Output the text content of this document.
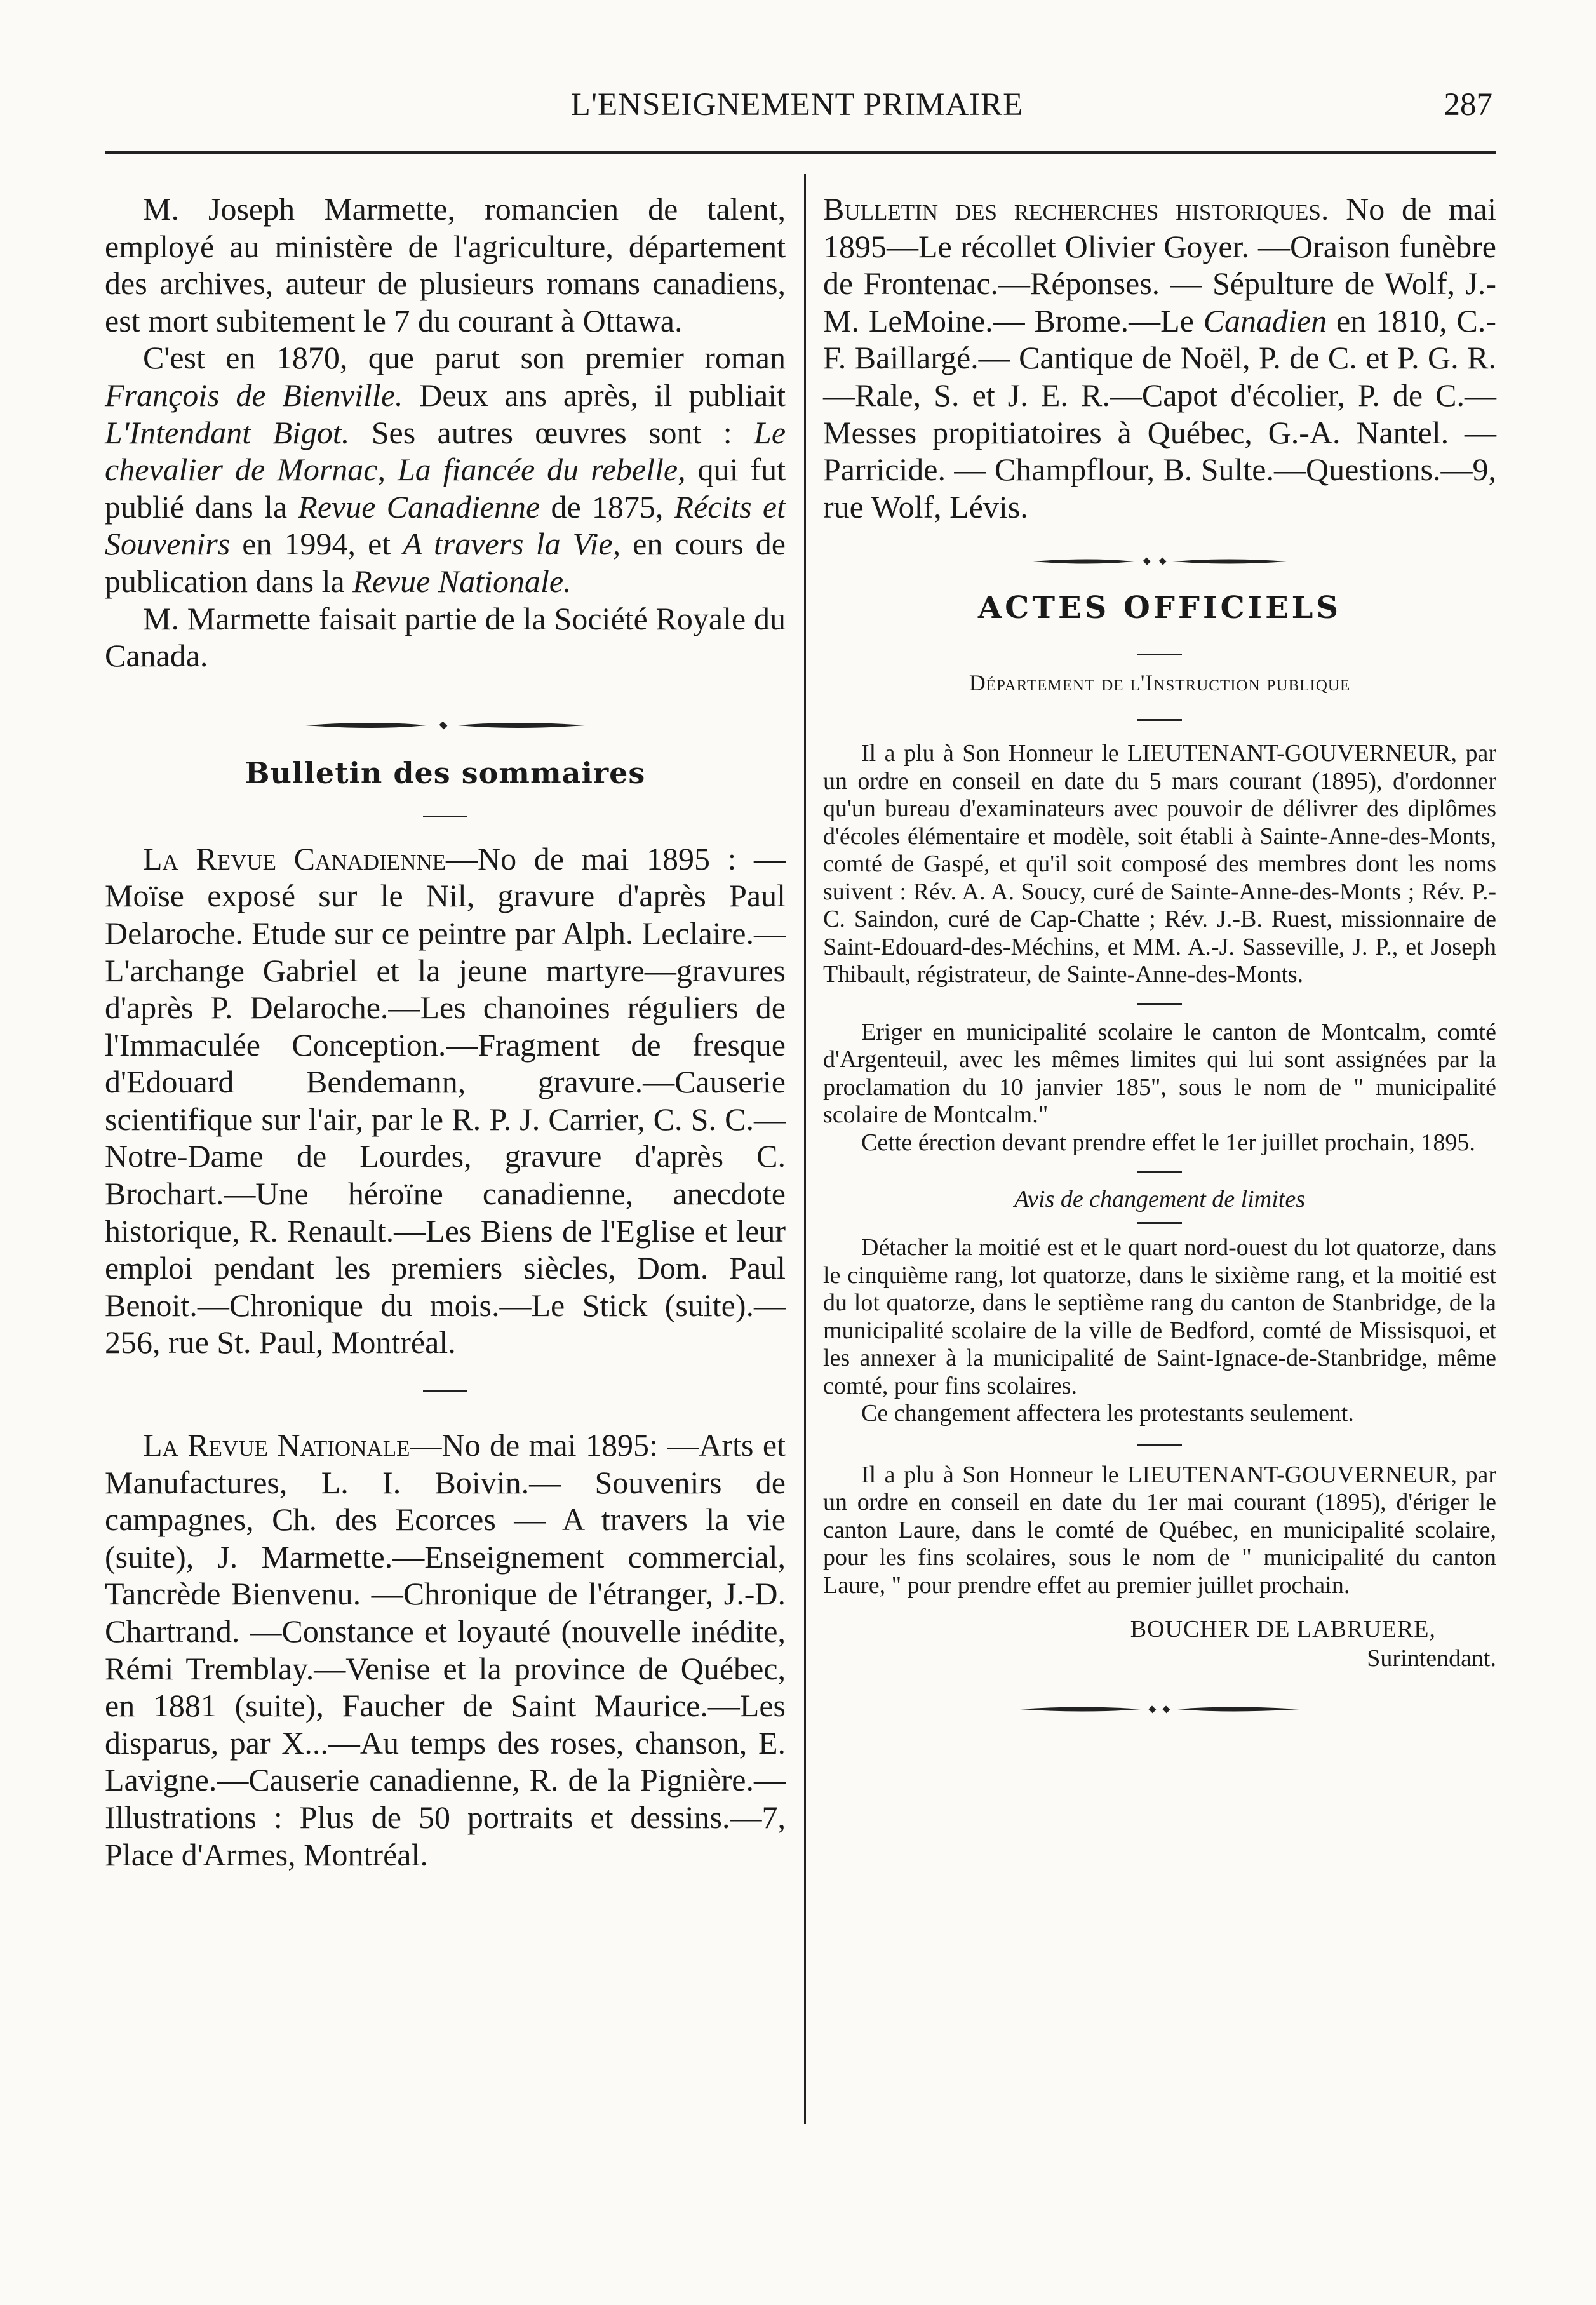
L'ENSEIGNEMENT PRIMAIRE	287

M. Joseph Marmette, romancien de talent, employé au ministère de l'agriculture, département des archives, auteur de plusieurs romans canadiens, est mort subitement le 7 du courant à Ottawa.

C'est en 1870, que parut son premier roman François de Bienville. Deux ans après, il publiait L'Intendant Bigot. Ses autres œuvres sont : Le chevalier de Mornac, La fiancée du rebelle, qui fut publié dans la Revue Canadienne de 1875, Récits et Souvenirs en 1994, et A travers la Vie, en cours de publication dans la Revue Nationale.

M. Marmette faisait partie de la Société Royale du Canada.

Bulletin des sommaires

La Revue Canadienne—No de mai 1895 : —Moïse exposé sur le Nil, gravure d'après Paul Delaroche. Etude sur ce peintre par Alph. Leclaire.—L'archange Gabriel et la jeune martyre—gravures d'après P. Delaroche.—Les chanoines réguliers de l'Immaculée Conception.—Fragment de fresque d'Edouard Bendemann, gravure.—Causerie scientifique sur l'air, par le R. P. J. Carrier, C. S. C.—Notre-Dame de Lourdes, gravure d'après C. Brochart.—Une héroïne canadienne, anecdote historique, R. Renault.—Les Biens de l'Eglise et leur emploi pendant les premiers siècles, Dom. Paul Benoit.—Chronique du mois.—Le Stick (suite).—256, rue St. Paul, Montréal.

La Revue Nationale—No de mai 1895: —Arts et Manufactures, L. I. Boivin.— Souvenirs de campagnes, Ch. des Ecorces — A travers la vie (suite), J. Marmette.—Enseignement commercial, Tancrède Bienvenu. —Chronique de l'étranger, J.-D. Chartrand. —Constance et loyauté (nouvelle inédite, Rémi Tremblay.—Venise et la province de Québec, en 1881 (suite), Faucher de Saint Maurice.—Les disparus, par X...—Au temps des roses, chanson, E. Lavigne.—Causerie canadienne, R. de la Pignière.—Illustrations : Plus de 50 portraits et dessins.—7, Place d'Armes, Montréal.

Bulletin des recherches historiques. No de mai 1895—Le récollet Olivier Goyer. —Oraison funèbre de Frontenac.—Réponses. — Sépulture de Wolf, J.-M. LeMoine.— Brome.—Le Canadien en 1810, C.-F. Baillargé.— Cantique de Noël, P. de C. et P. G. R.—Rale, S. et J. E. R.—Capot d'écolier, P. de C.—Messes propitiatoires à Québec, G.-A. Nantel. — Parricide. — Champflour, B. Sulte.—Questions.—9, rue Wolf, Lévis.

ACTES OFFICIELS
Département de l'Instruction publique

Il a plu à Son Honneur le LIEUTENANT-GOUVERNEUR, par un ordre en conseil en date du 5 mars courant (1895), d'ordonner qu'un bureau d'examinateurs avec pouvoir de délivrer des diplômes d'écoles élémentaire et modèle, soit établi à Sainte-Anne-des-Monts, comté de Gaspé, et qu'il soit composé des membres dont les noms suivent : Rév. A. A. Soucy, curé de Sainte-Anne-des-Monts ; Rév. P.-C. Saindon, curé de Cap-Chatte ; Rév. J.-B. Ruest, missionnaire de Saint-Edouard-des-Méchins, et MM. A.-J. Sasseville, J. P., et Joseph Thibault, régistrateur, de Sainte-Anne-des-Monts.

Eriger en municipalité scolaire le canton de Montcalm, comté d'Argenteuil, avec les mêmes limites qui lui sont assignées par la proclamation du 10 janvier 185", sous le nom de " municipalité scolaire de Montcalm."

Cette érection devant prendre effet le 1er juillet prochain, 1895.

Avis de changement de limites

Détacher la moitié est et le quart nord-ouest du lot quatorze, dans le cinquième rang, lot quatorze, dans le sixième rang, et la moitié est du lot quatorze, dans le septième rang du canton de Stanbridge, de la municipalité scolaire de la ville de Bedford, comté de Missisquoi, et les annexer à la municipalité de Saint-Ignace-de-Stanbridge, même comté, pour fins scolaires.

Ce changement affectera les protestants seulement.

Il a plu à Son Honneur le LIEUTENANT-GOUVERNEUR, par un ordre en conseil en date du 1er mai courant (1895), d'ériger le canton Laure, dans le comté de Québec, en municipalité scolaire, pour les fins scolaires, sous le nom de " municipalité du canton Laure, " pour prendre effet au premier juillet prochain.

BOUCHER DE LABRUERE,
Surintendant.
